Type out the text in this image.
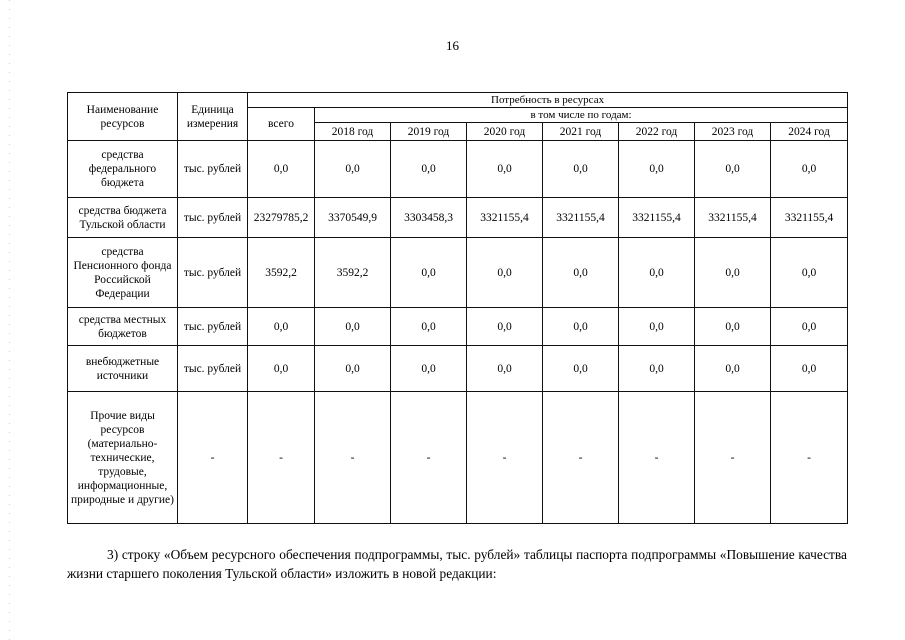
16
Наименование ресурсов	Единица измерения	Потребность в ресурсах							
		всего	в том числе по годам:						
			2018 год	2019 год	2020 год	2021 год	2022 год	2023 год	2024 год
средства федерального бюджета	тыс. рублей	0,0	0,0	0,0	0,0	0,0	0,0	0,0	0,0
средства бюджета Тульской области	тыс. рублей	23279785,2	3370549,9	3303458,3	3321155,4	3321155,4	3321155,4	3321155,4	3321155,4
средства Пенсионного фонда Российской Федерации	тыс. рублей	3592,2	3592,2	0,0	0,0	0,0	0,0	0,0	0,0
средства местных бюджетов	тыс. рублей	0,0	0,0	0,0	0,0	0,0	0,0	0,0	0,0
внебюджетные источники	тыс. рублей	0,0	0,0	0,0	0,0	0,0	0,0	0,0	0,0
Прочие виды ресурсов (материально-технические, трудовые, информационные, природные и другие)	-	-	-	-	-	-	-	-	-
3) строку «Объем ресурсного обеспечения подпрограммы, тыс. рублей» таблицы паспорта подпрограммы «Повышение качества жизни старшего поколения Тульской области» изложить в новой редакции:
